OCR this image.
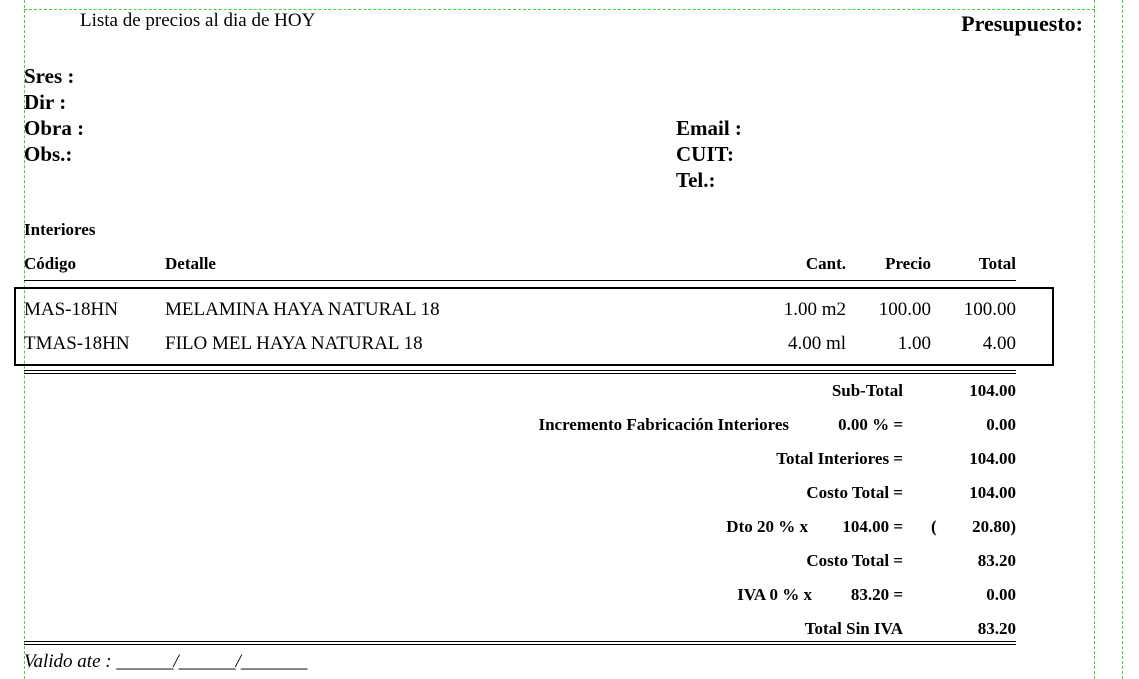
Lista de precios al dia de HOY	Presupuesto:
Sres :
Dir :
Obra :
Obs.:
Email :
CUIT:
Tel.:
Interiores
Código	Detalle	Cant. Precio	Total
MAS-18HN MELAMINA HAYA NATURAL 18	1.00 m2 100.00 100.00
TMAS-18HN FILO MEL HAYA NATURAL 18	4.00 ml	1.00	4.00
Sub-Total	104.00
Incremento Fabricación Interiores	0.00 % =	0.00
Total Interiores =	104.00
Costo Total =	104.00
Dto 20 % x 104.00 = ( 20.80)
Costo Total =	83.20
IVA 0 % x 83.20 =	0.00
Total Sin IVA	83.20
Valido ate : ______/______/_______
